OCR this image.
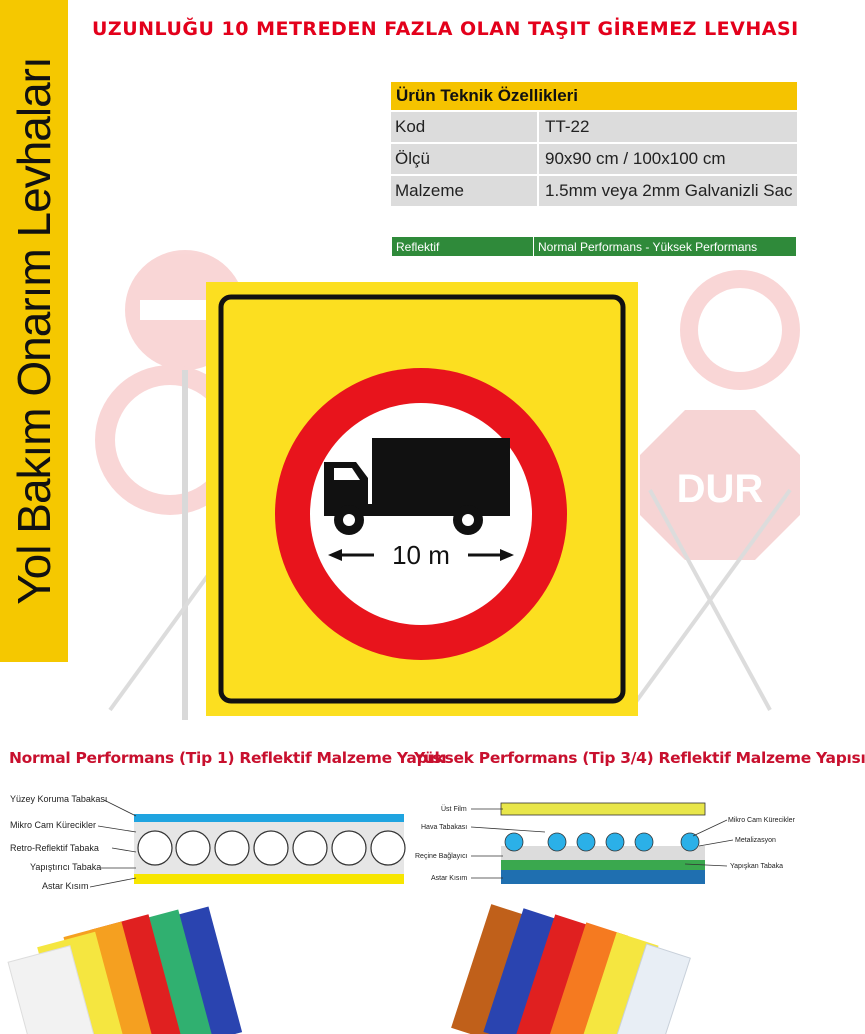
Yol Bakım Onarım Levhaları
UZUNLUĞU 10 METREDEN FAZLA OLAN TAŞIT GİREMEZ LEVHASI
DUR
Ürün Teknik Özellikleri	
Kod	TT-22
Ölçü	90x90 cm / 100x100 cm
Malzeme	1.5mm veya 2mm Galvanizli Sac
Reflektif	Normal Performans - Yüksek Performans
10 m
Normal Performans (Tip 1) Reflektif Malzeme Yapısı
Yüksek Performans (Tip 3/4) Reflektif Malzeme Yapısı
Yüzey Koruma Tabakası
Mikro Cam Kürecikler
Retro-Reflektif Tabaka
Yapıştırıcı Tabaka
Astar Kısım
Üst Film
Hava Tabakası
Reçine Bağlayıcı
Astar Kısım
Mikro Cam Kürecikler
Metalizasyon
Yapışkan Tabaka
